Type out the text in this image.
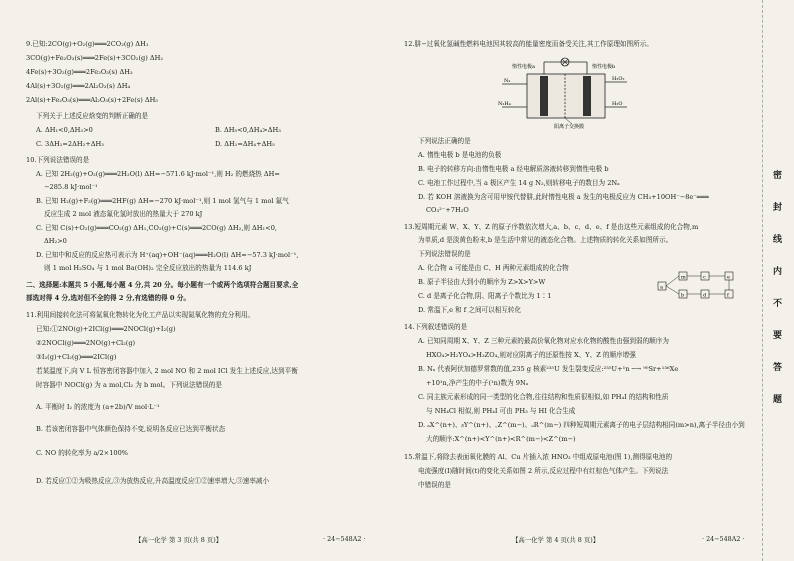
9.已知:2CO(g)+O₂(g)═══2CO₂(g) ΔH₁
3CO(g)+Fe₂O₃(s)═══2Fe(s)+3CO₂(g) ΔH₂
4Fe(s)+3O₂(g)═══2Fe₂O₃(s) ΔH₃
4Al(s)+3O₂(g)═══2Al₂O₃(s) ΔH₄
2Al(s)+Fe₂O₃(s)═══Al₂O₃(s)+2Fe(s) ΔH₅
下列关于上述反应焓变的判断正确的是
A. ΔH₁<0,ΔH₃>0	B. ΔH₅<0,ΔH₄>ΔH₃
C. 3ΔH₁=2ΔH₂+ΔH₃	D. ΔH₁=ΔH₄+ΔH₅
10.下列说法错误的是
A. 已知 2H₂(g)+O₂(g)═══2H₂O(l) ΔH=−571.6 kJ·mol⁻¹,则 H₂ 的燃烧热 ΔH=
−285.8 kJ·mol⁻¹
B. 已知 H₂(g)+F₂(g)═══2HF(g) ΔH=−270 kJ·mol⁻¹,则 1 mol 氢气与 1 mol 氟气
反应生成 2 mol 液态氟化氢时放出的热量大于 270 kJ
C. 已知 C(s)+O₂(g)═══CO₂(g) ΔH₁,CO₂(g)+C(s)═══2CO(g) ΔH₂,则 ΔH₁<0,
ΔH₂>0
D. 已知中和反应的反应热可表示为 H⁺(aq)+OH⁻(aq)═══H₂O(l) ΔH=−57.3 kJ·mol⁻¹,
则 1 mol H₂SO₄ 与 1 mol Ba(OH)₂ 完全反应放出的热量为 114.6 kJ
二、选择题:本题共 5 小题,每小题 4 分,共 20 分。每小题有一个或两个选项符合题目要求,全
部选对得 4 分,选对但不全的得 2 分,有选错的得 0 分。
11.利用间接转化法可将氮氧化物转化为化工产品以实现氮氧化物的充分利用。
已知:①2NO(g)+2ICl(g)═══2NOCl(g)+I₂(g)
②2NOCl(g)═══2NO(g)+Cl₂(g)
③I₂(g)+Cl₂(g)═══2ICl(g)
若某温度下,向 V L 恒容密闭容器中加入 2 mol NO 和 2 mol ICl 发生上述反应,达到平衡
时容器中 NOCl(g) 为 a mol,Cl₂ 为 b mol。下列说法错误的是
A. 平衡时 I₂ 的浓度为 (a+2b)/V mol·L⁻¹
B. 若该密闭容器中气体颜色保持不变,说明各反应已达到平衡状态
C. NO 的转化率为 a/2×100%
D. 若反应①②为吸热反应,③为放热反应,升高温度反应①②速率增大,③速率减小
【高一化学 第 3 页(共 8 页)】	· 24−548A2 ·
12.肼−过氧化氢碱性燃料电池因其较高的能量密度而备受关注,其工作原理如图所示。
惰性电极a	惰性电极b
N₂
N₂H₄
H₂O₂
H₂O
阳离子交换膜
下列说法正确的是
A. 惰性电极 b 是电池的负极
B. 电子的转移方向:由惰性电极 a 经电解质溶液转移到惰性电极 b
C. 电池工作过程中,当 a 极区产生 14 g N₂,则转移电子的数目为 2Nₐ
D. 若 KOH 溶液换为含可用甲铵代替肼,此时惰性电极 a 发生的电极反应为 CH₃+10OH⁻−8e⁻═══
CO₃²⁻+7H₂O
13.短周期元素 W、X、Y、Z 的原子序数依次增大,a、b、c、d、e、f 是由这些元素组成的化合物,m
为单质,d 是淡黄色粉末,b 是生活中常见的液态化合物。上述物质的转化关系如图所示。
下列说法错误的是
A. 化合物 a 可能是由 C、H 两种元素组成的化合物
B. 原子半径由大到小的顺序为 Z>X>Y>W
C. d 是离子化合物,阴、阳离子个数比为 1∶1
D. 常温下,e 和 f 之间可以相互转化
a
m
b
c
d
e
f
14.下列叙述错误的是
A. 已知同周期 X、Y、Z 三种元素的最高价氧化物对应水化物的酸性由强到弱的顺序为
HXO₄>H₂YO₄>H₃ZO₄,则对应阴离子的还原性按 X、Y、Z 的顺序增强
B. Nₐ 代表阿伏加德罗常数的值,235 g 核素²³⁵U 发生裂变反应:²³⁵U+¹n ─→ ⁹⁰Sr+¹³⁶Xe
+10¹n,净产生的中子(¹n)数为 9Nₐ
C. 同主族元素形成的同一类型的化合物,往往结构和性质很相似,如 PH₄I 的结构和性质
与 NH₄Cl 相似,则 PH₄I 可由 PH₃ 与 HI 化合生成
D. ₐX^(n+)、ᵦY^(n+)、꜀Z^(m−)、ₔR^(m−) 四种短周期元素离子的电子层结构相同(m>n),离子半径由小到
大的顺序:X^(n+)<Y^(n+)<R^(m−)<Z^(m−)
15.常温下,将除去表面氧化膜的 Al、Cu 片插入浓 HNO₃ 中组成原电池(图 1),测得原电池的
电流强度(I)随时间(t)的变化关系如图 2 所示,反应过程中有红棕色气体产生。下列说法
中错误的是
【高一化学 第 4 页(共 8 页)】	· 24−548A2 ·
密
封
线
内
不
要
答
题
